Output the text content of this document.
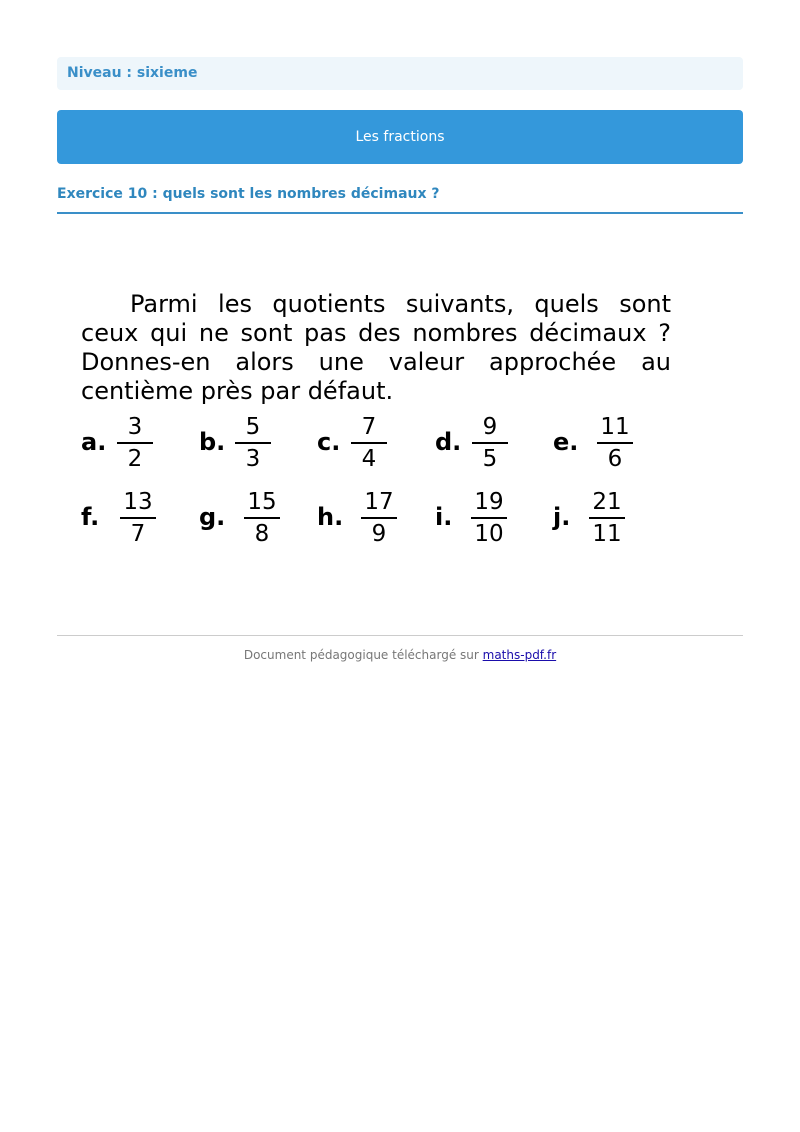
Niveau : sixieme
Les fractions
Exercice 10 : quels sont les nombres décimaux ?
Parmi les quotients suivants, quels sont ceux qui ne sont pas des nombres décimaux ? Donnes-en alors une valeur approchée au centième près par défaut.
a.
3
2
b.
5
3
c.
7
4
d.
9
5
e.
11
6
f.
13
7
g.
15
8
h.
17
9
i.
19
10
j.
21
11
Document pédagogique téléchargé sur maths-pdf.fr
